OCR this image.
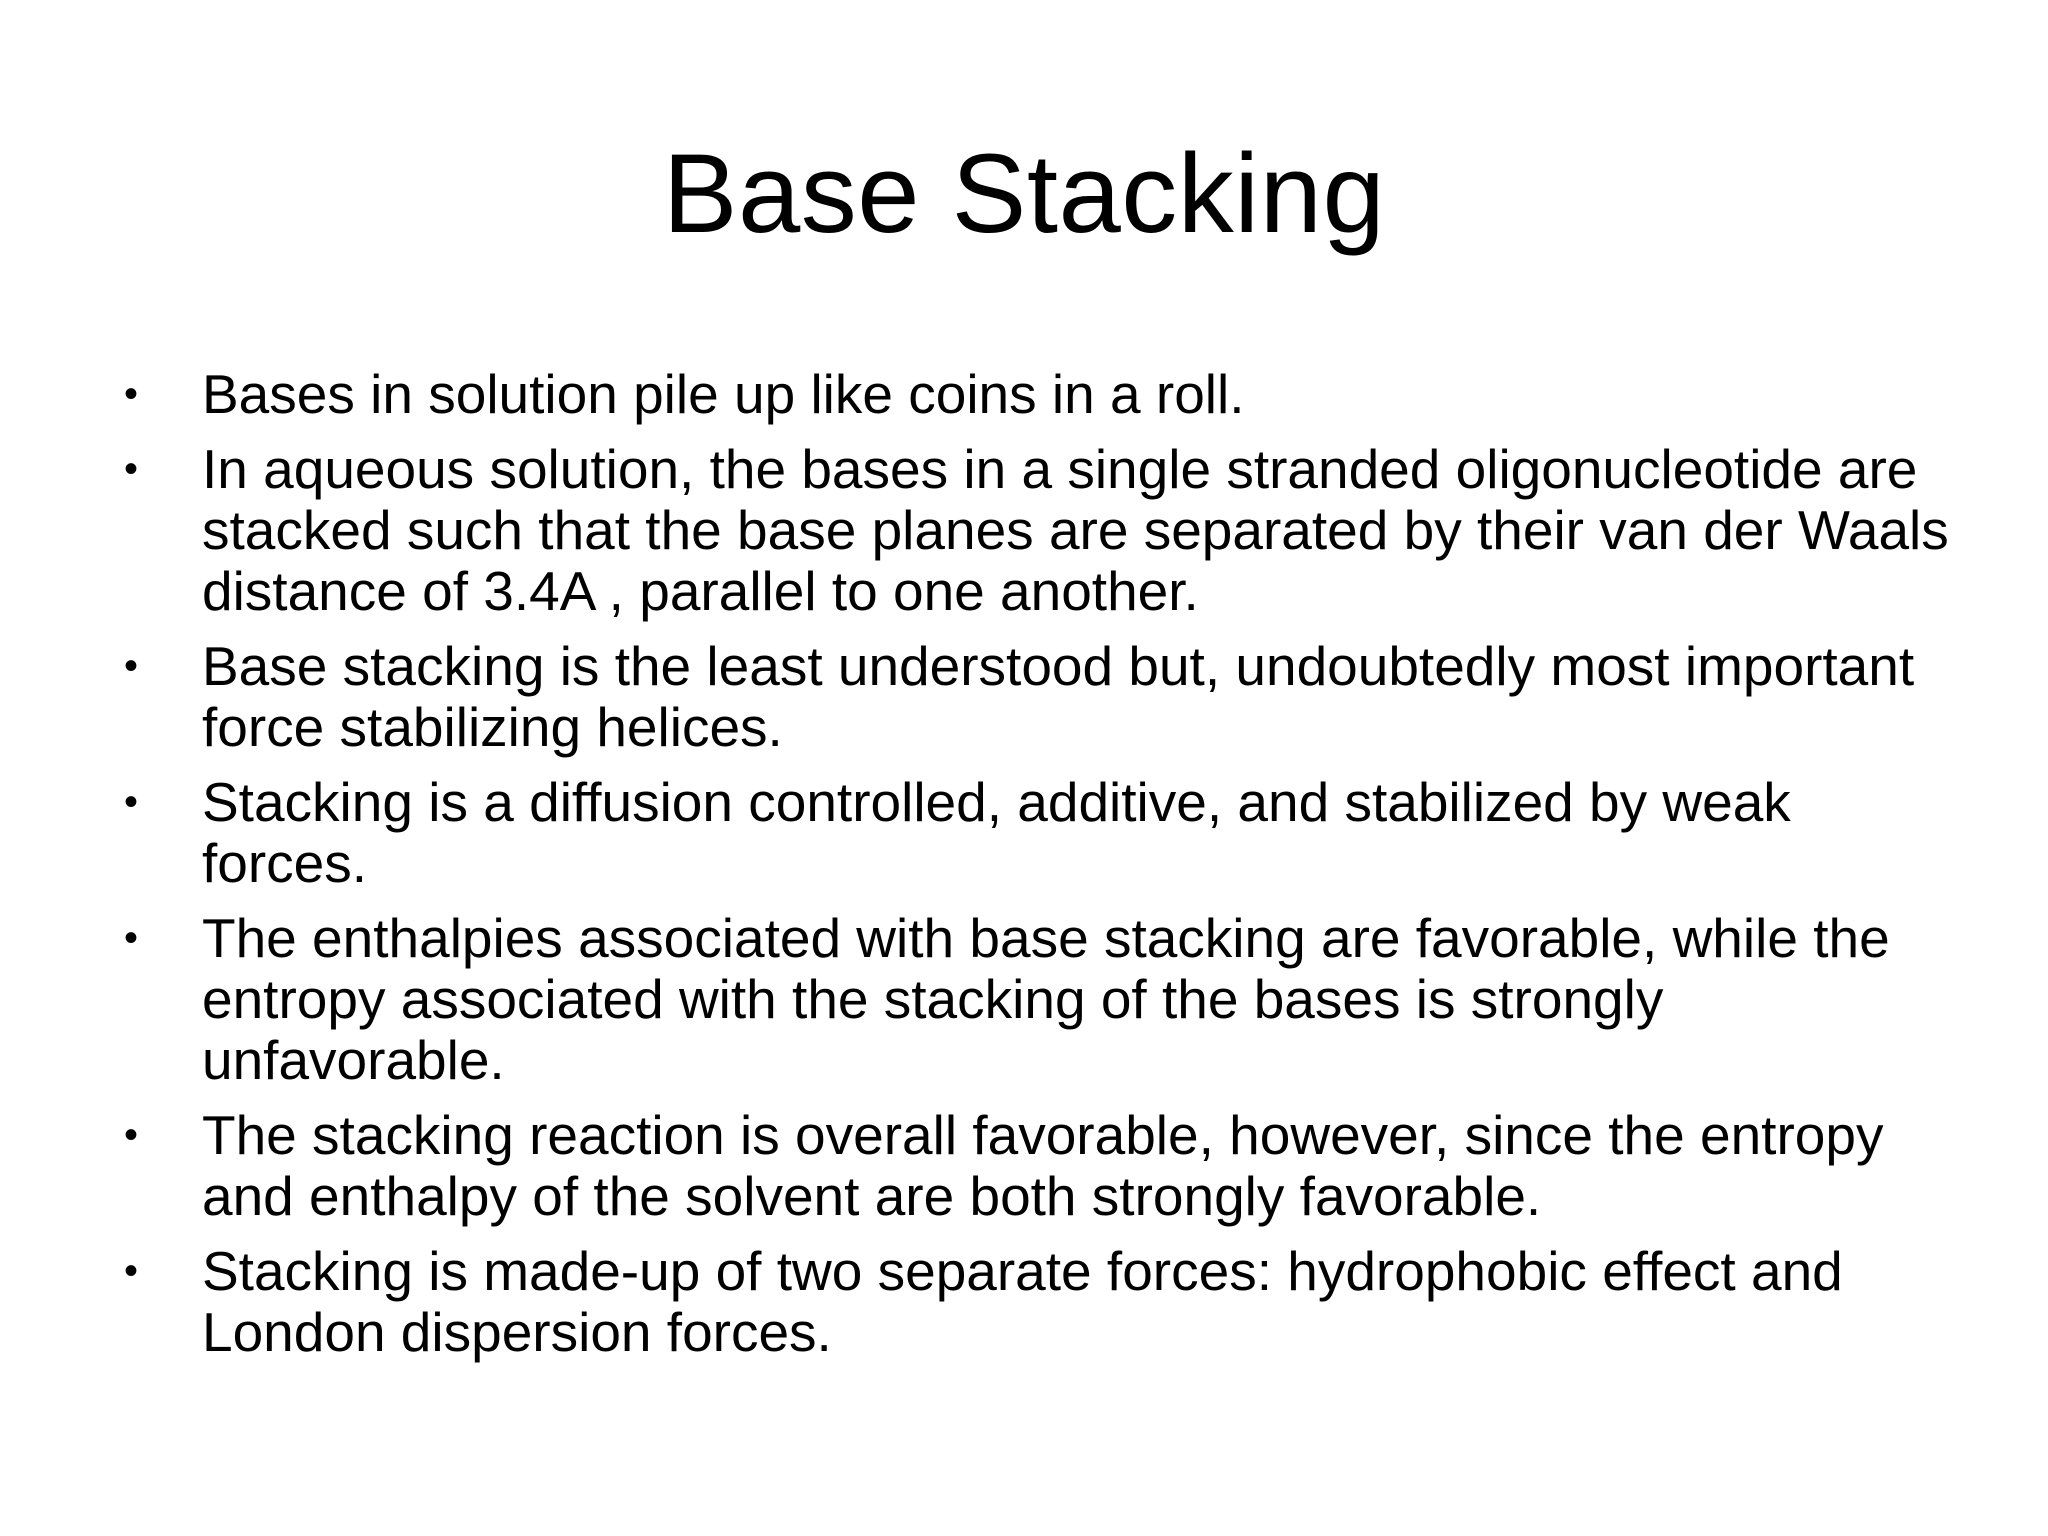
Base Stacking
•	Bases in solution pile up like coins in a roll.
•	In aqueous solution, the bases in a single stranded oligonucleotide are stacked such that the base planes are separated by their van der Waals distance of 3.4A , parallel to one another.
•	Base stacking is the least understood but, undoubtedly most important force stabilizing helices.
•	Stacking is a diffusion controlled, additive, and stabilized by weak forces.
•	The enthalpies associated with base stacking are favorable, while the entropy associated with the stacking of the bases is strongly unfavorable.
•	The stacking reaction is overall favorable, however, since the entropy and enthalpy of the solvent are both strongly favorable.
•	Stacking is made-up of two separate forces: hydrophobic effect and London dispersion forces.
